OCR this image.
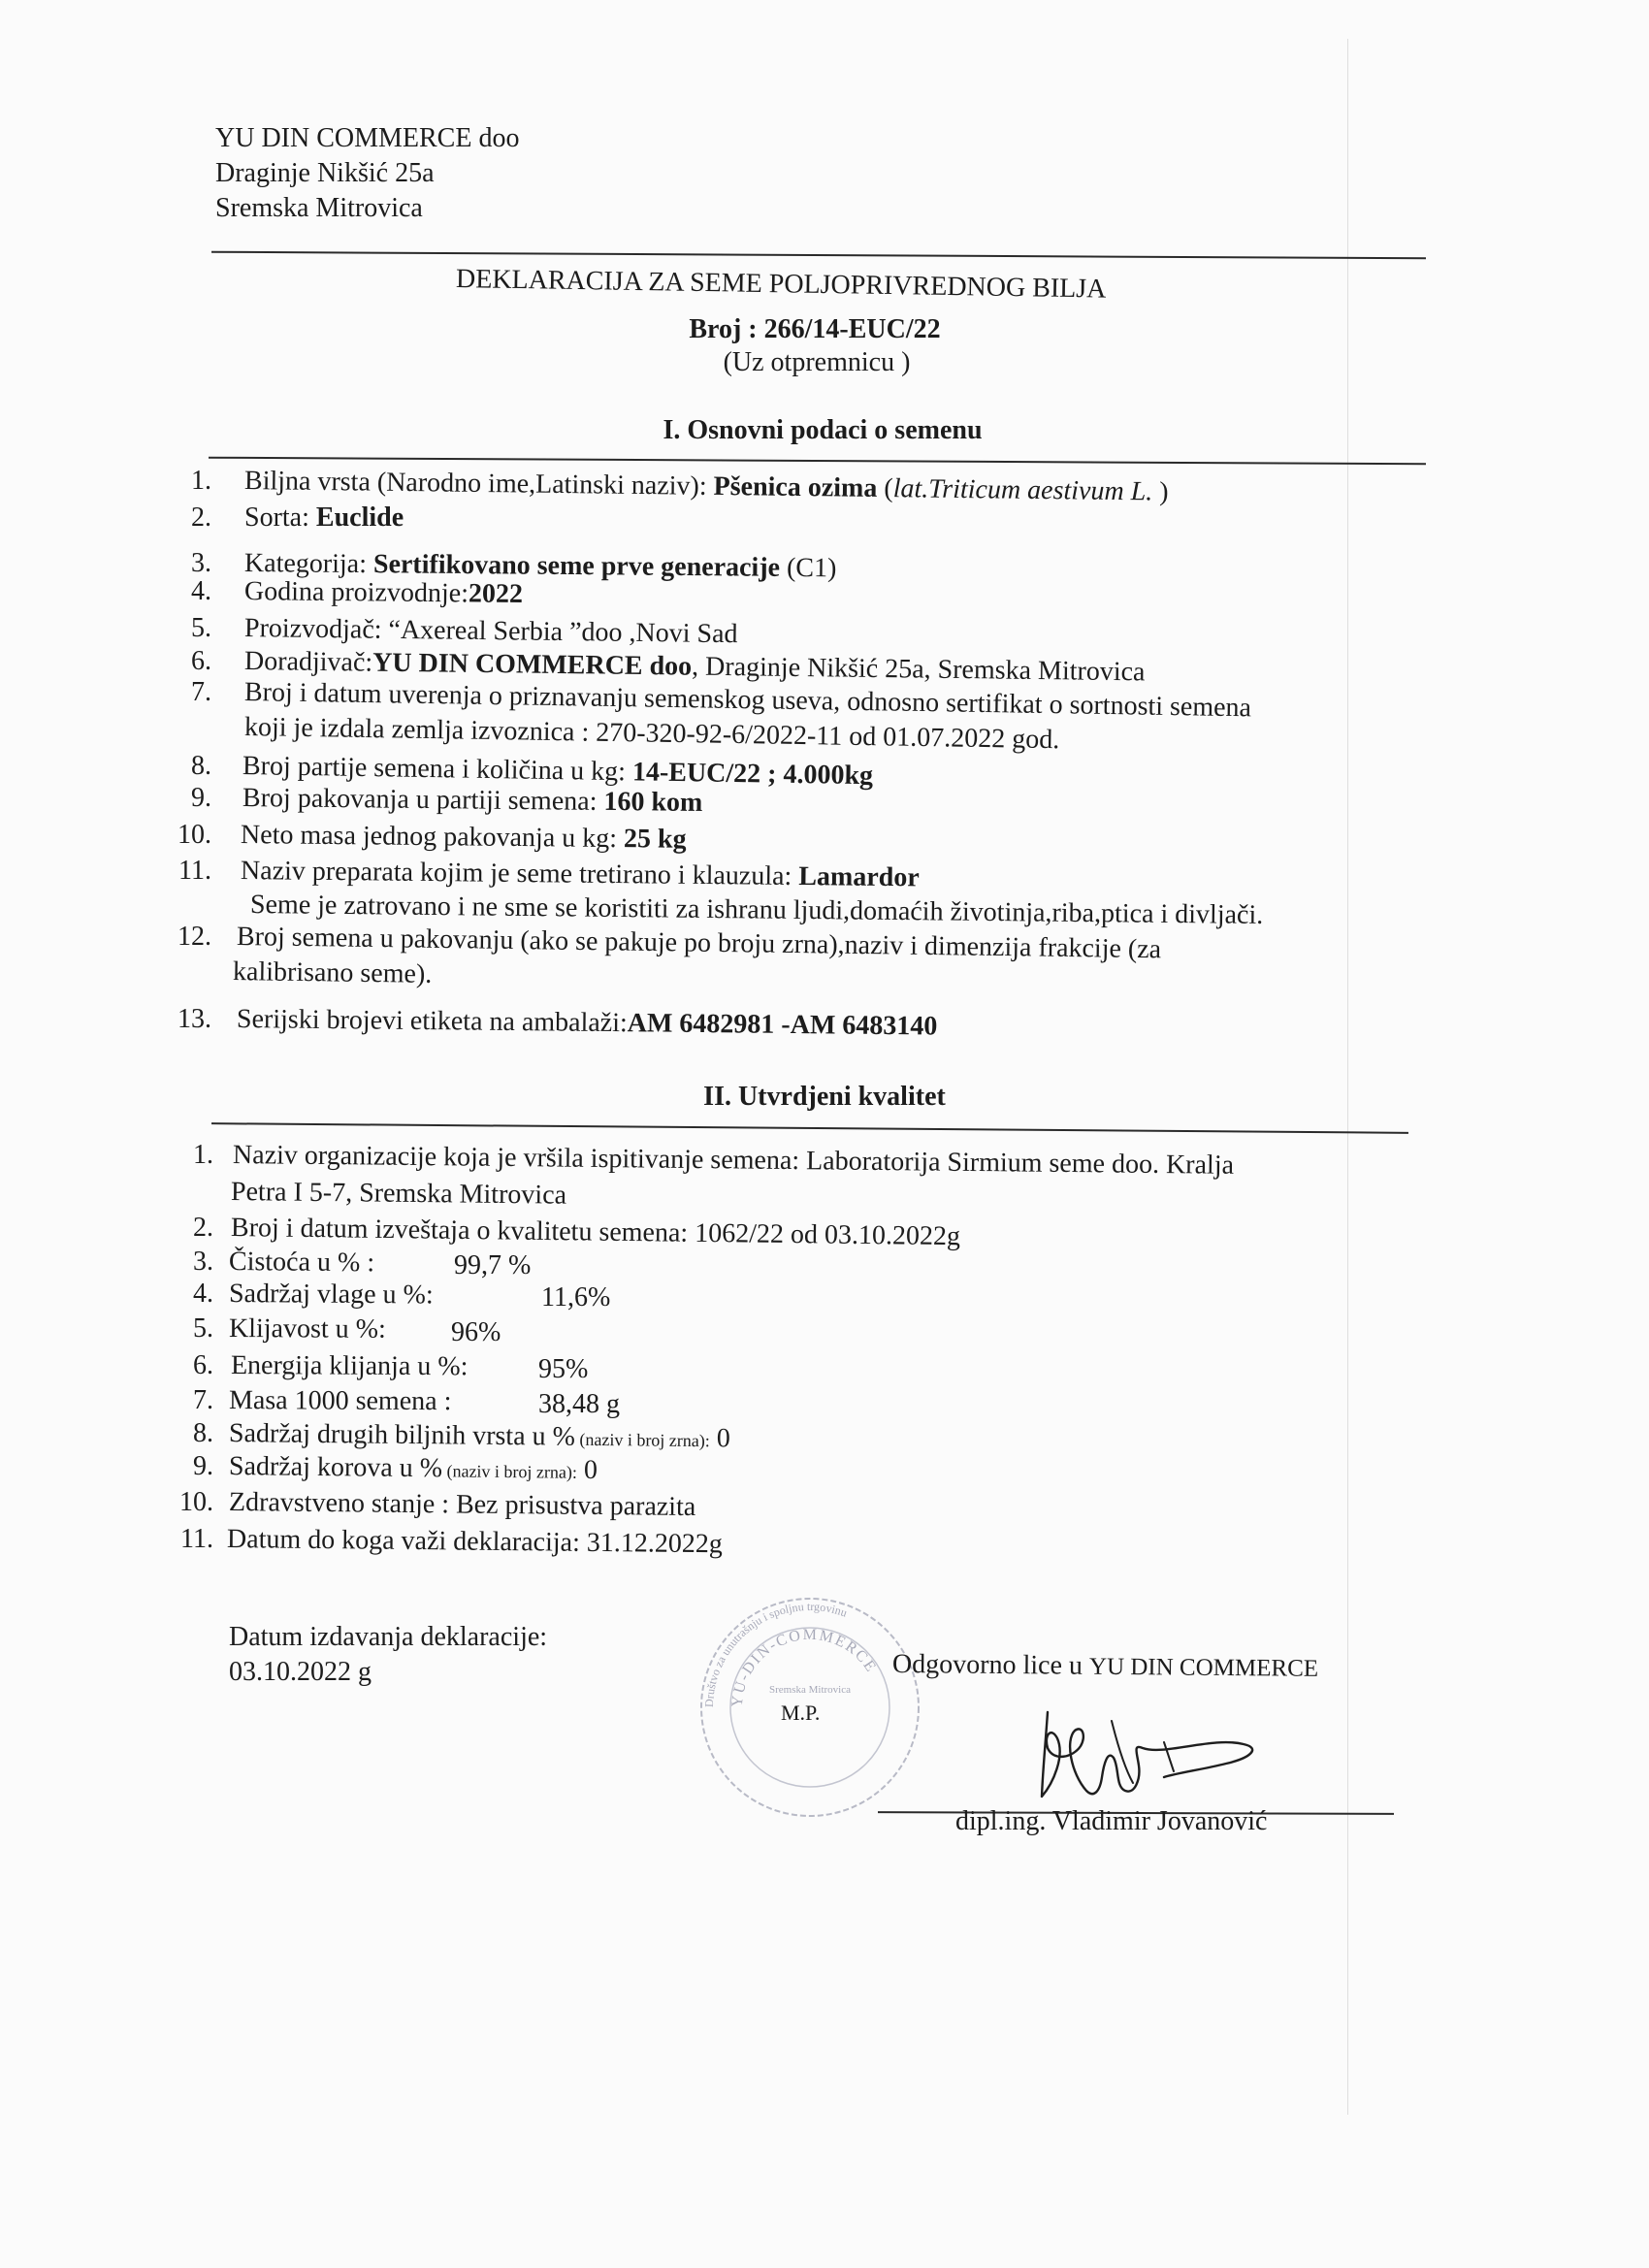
YU DIN COMMERCE doo
Draginje Nikšić 25a
Sremska Mitrovica
DEKLARACIJA ZA SEME POLJOPRIVREDNOG BILJA
Broj : 266/14-EUC/22
(Uz otpremnicu )
I. Osnovni podaci o semenu
1. Biljna vrsta (Narodno ime,Latinski naziv): Pšenica ozima (lat.Triticum aestivum L. )
2. Sorta: Euclide
3. Kategorija: Sertifikovano seme prve generacije (C1)
4. Godina proizvodnje:2022
5. Proizvodjač: “Axereal Serbia ”doo ,Novi Sad
6. Doradjivač:YU DIN COMMERCE doo, Draginje Nikšić 25a, Sremska Mitrovica
7. Broj i datum uverenja o priznavanju semenskog useva, odnosno sertifikat o sortnosti semena
koji je izdala zemlja izvoznica : 270-320-92-6/2022-11 od 01.07.2022 god.
8. Broj partije semena i količina u kg: 14-EUC/22 ; 4.000kg
9. Broj pakovanja u partiji semena: 160 kom
10. Neto masa jednog pakovanja u kg: 25 kg
11. Naziv preparata kojim je seme tretirano i klauzula: Lamardor
Seme je zatrovano i ne sme se koristiti za ishranu ljudi,domaćih životinja,riba,ptica i divljači.
12. Broj semena u pakovanju (ako se pakuje po broju zrna),naziv i dimenzija frakcije (za
kalibrisano seme).
13. Serijski brojevi etiketa na ambalaži:AM 6482981 -AM 6483140
II. Utvrdjeni kvalitet
1. Naziv organizacije koja je vršila ispitivanje semena: Laboratorija Sirmium seme doo. Kralja
Petra I 5-7, Sremska Mitrovica
2. Broj i datum izveštaja o kvalitetu semena: 1062/22 od 03.10.2022g
3. Čistoća u % :	99,7 %
4. Sadržaj vlage u %:	11,6%
5. Klijavost u %: 96%
6. Energija klijanja u %:	95%
7. Masa 1000 semena :	38,48 g
8. Sadržaj drugih biljnih vrsta u % (naziv i broj zrna): 0
9. Sadržaj korova u % (naziv i broj zrna): 0
10. Zdravstveno stanje : Bez prisustva parazita
11. Datum do koga važi deklaracija: 31.12.2022g
Datum izdavanja deklaracije:
03.10.2022 g
Društvo za unutrašnju i spoljnu trgovinu
YU-DIN-COMMERCE
Sremska Mitrovica
M.P.
Odgovorno lice u YU DIN COMMERCE
dipl.ing. Vladimir Jovanović
